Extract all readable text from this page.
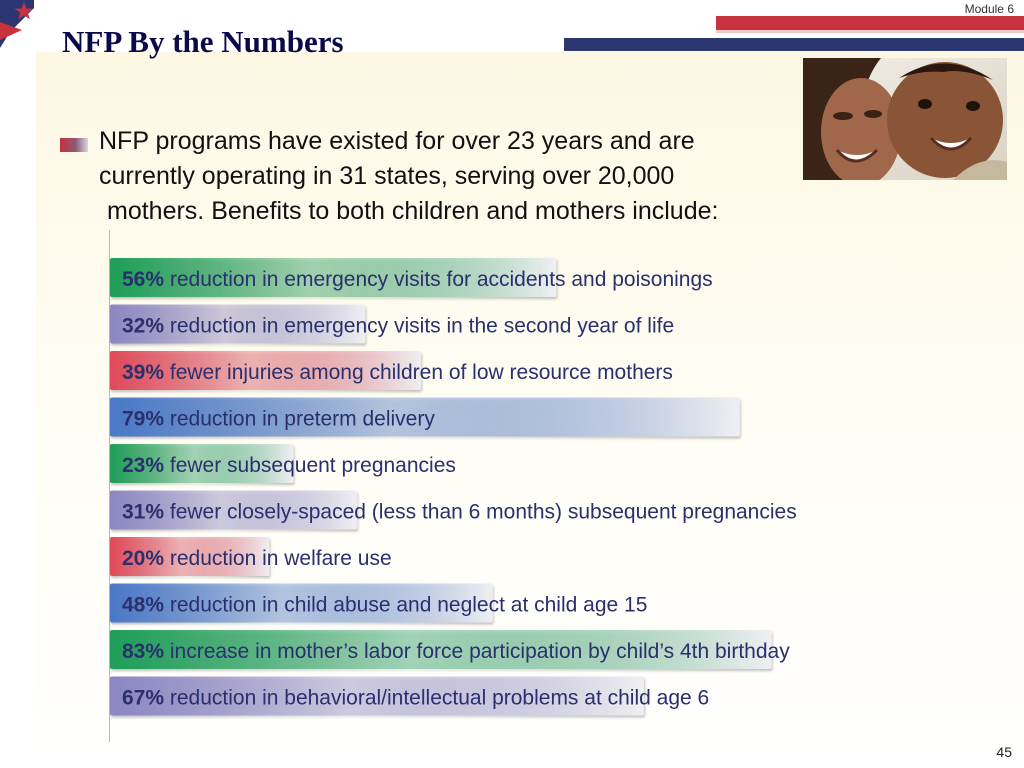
Module 6
NFP By the Numbers
NFP programs have existed for over 23 years and are
currently operating in 31 states, serving over 20,000
mothers. Benefits to both children and mothers include:
56% reduction in emergency visits for accidents and poisonings
32% reduction in emergency visits in the second year of life
39% fewer injuries among children of low resource mothers
79% reduction in preterm delivery
23% fewer subsequent pregnancies
31% fewer closely-spaced (less than 6 months) subsequent pregnancies
20% reduction in welfare use
48% reduction in child abuse and neglect at child age 15
83% increase in mother’s labor force participation by child’s 4th birthday
67% reduction in behavioral/intellectual problems at child age 6
45
